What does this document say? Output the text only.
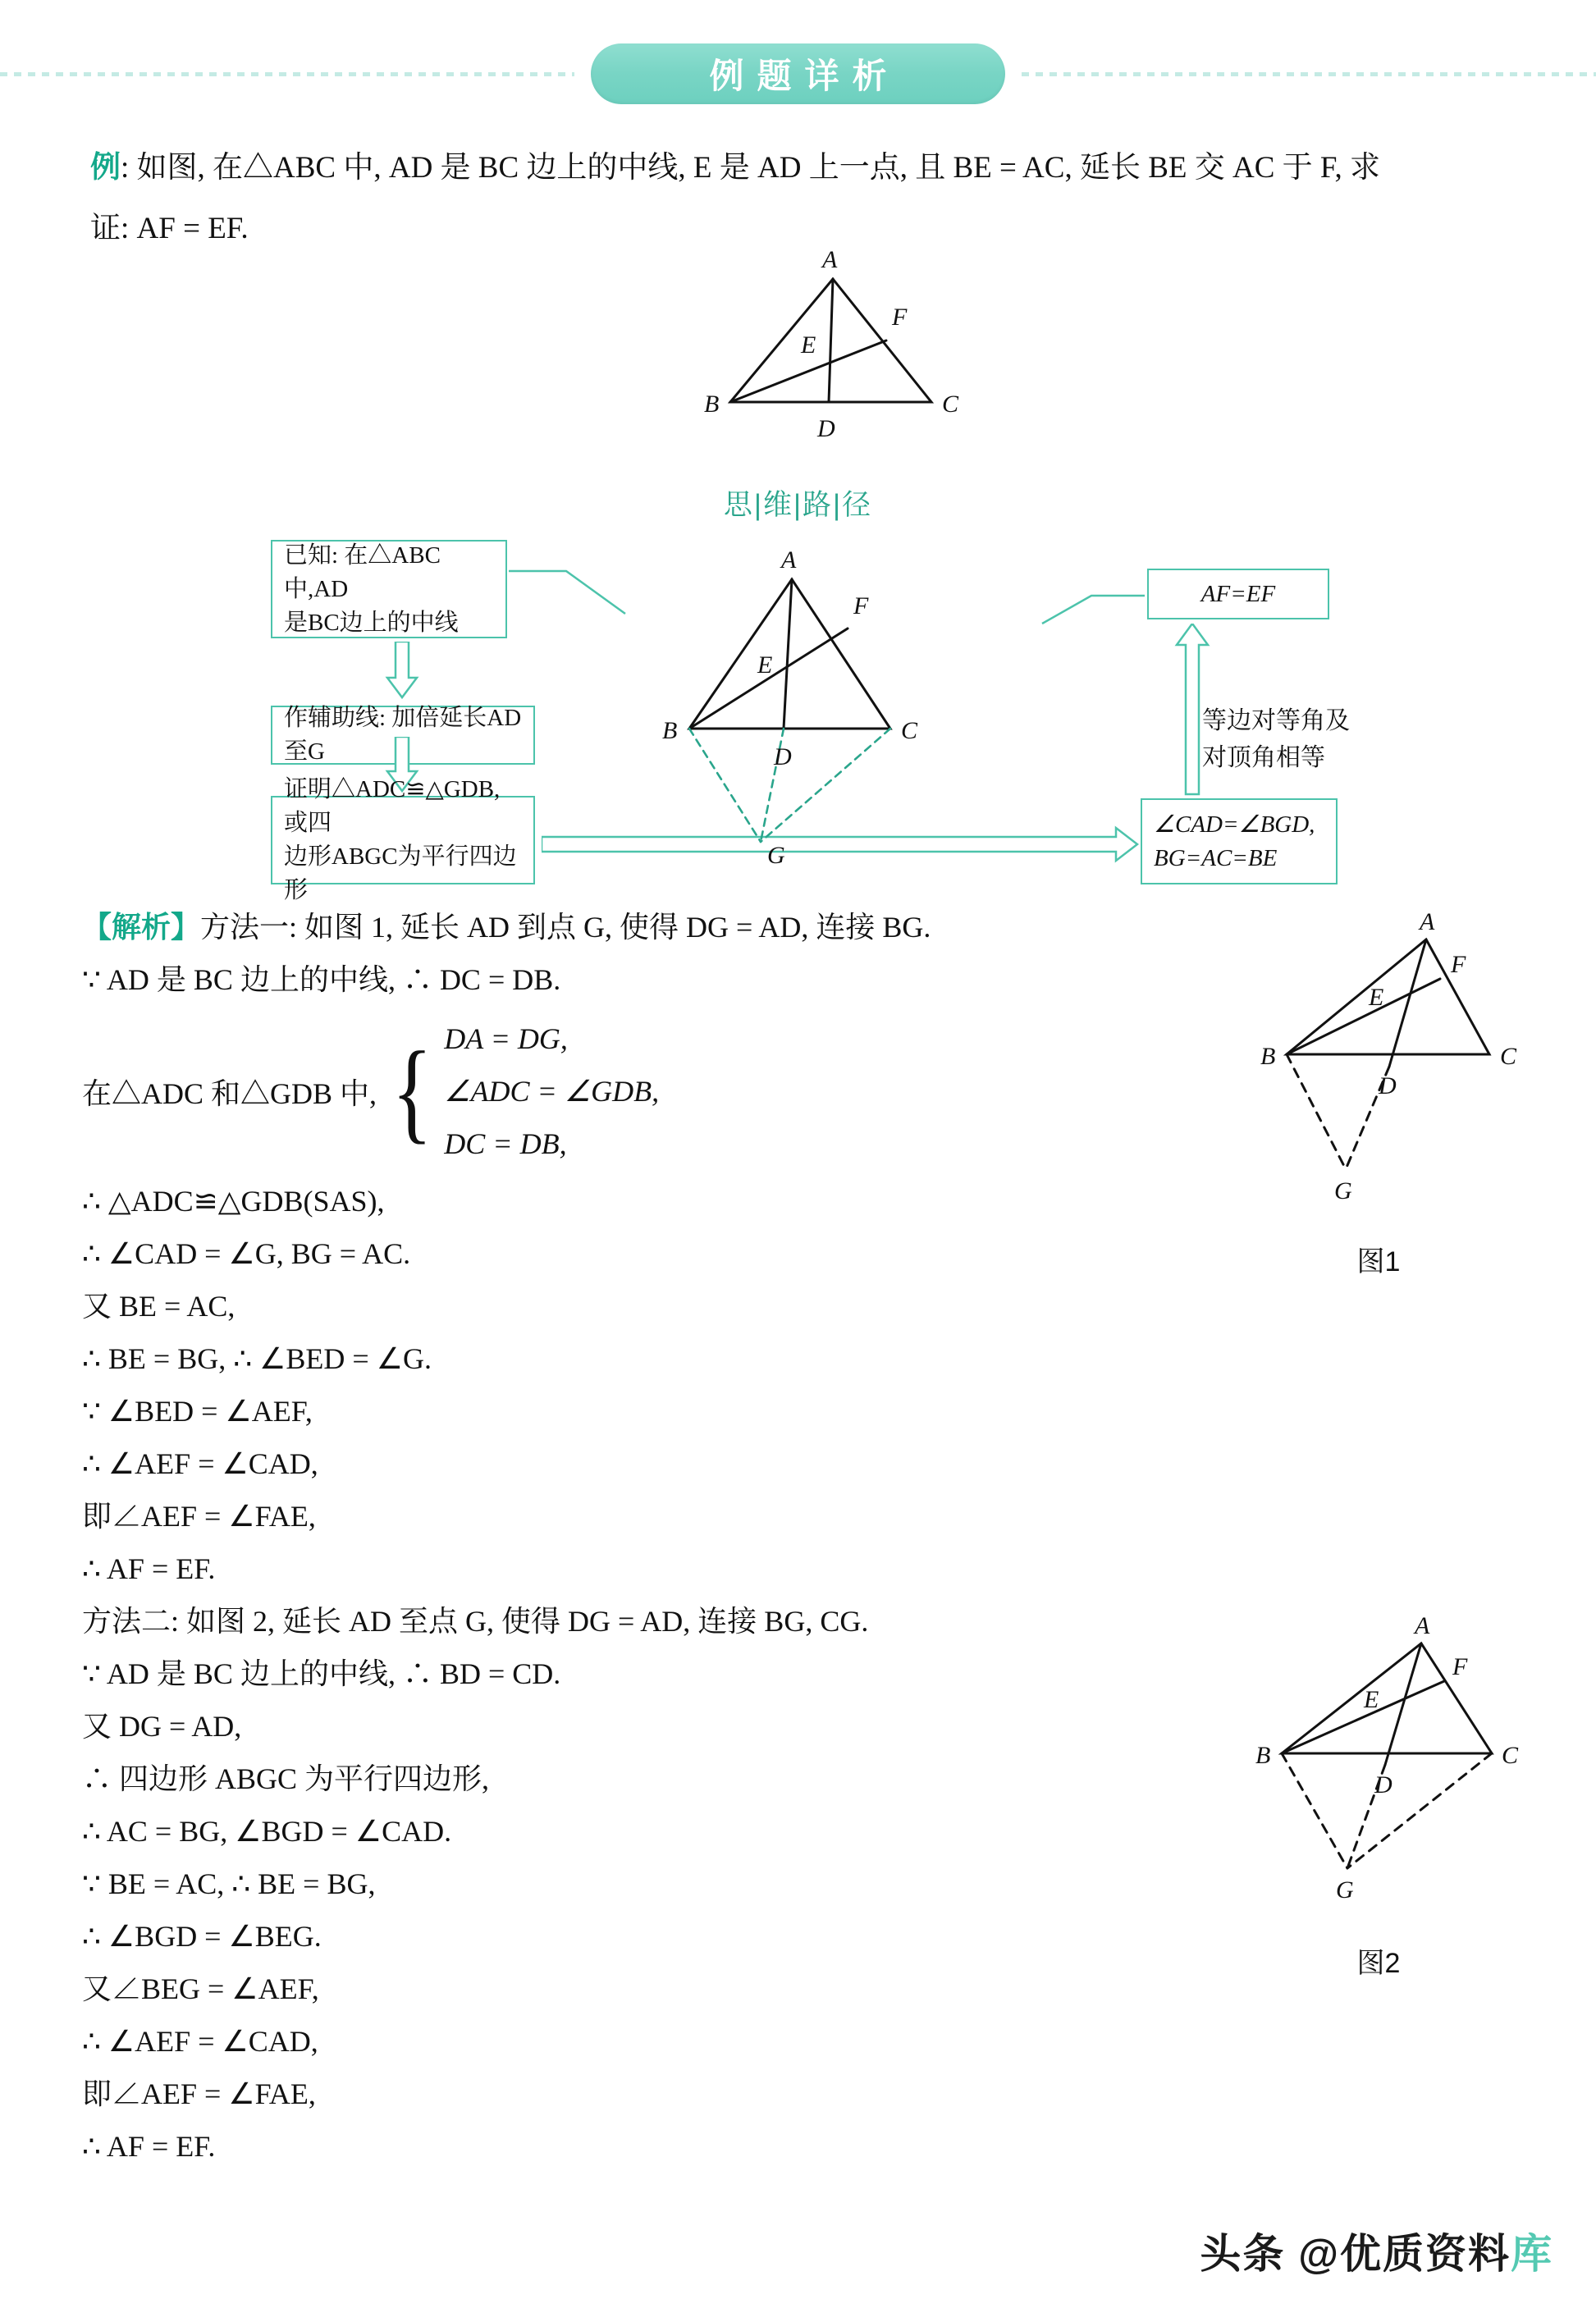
例题详析
例: 如图, 在△ABC 中, AD 是 BC 边上的中线, E 是 AD 上一点, 且 BE = AC, 延长 BE 交 AC 于 F, 求
证: AF = EF.
A
F
E
B
D
C
思|维|路|径
已知: 在△ABC中,AD
是BC边上的中线
作辅助线: 加倍延长AD至G
证明△ADC≌△GDB, 或四
边形ABGC为平行四边形
AF=EF
等边对等角及
对顶角相等
∠CAD=∠BGD,
BG=AC=BE
A
F
E
B
D
C
G
【解析】方法一: 如图 1, 延长 AD 到点 G, 使得 DG = AD, 连接 BG.
∵ AD 是 BC 边上的中线, ∴ DC = DB.
在△ADC 和△GDB 中, { DA = DG,
∠ADC = ∠GDB,
DC = DB,
∴ △ADC≌△GDB(SAS),
∴ ∠CAD = ∠G, BG = AC.
又 BE = AC,
∴ BE = BG, ∴ ∠BED = ∠G.
∵ ∠BED = ∠AEF,
∴ ∠AEF = ∠CAD,
即∠AEF = ∠FAE,
∴ AF = EF.
方法二: 如图 2, 延长 AD 至点 G, 使得 DG = AD, 连接 BG, CG.
∵ AD 是 BC 边上的中线, ∴ BD = CD.
又 DG = AD,
∴ 四边形 ABGC 为平行四边形,
∴ AC = BG, ∠BGD = ∠CAD.
∵ BE = AC, ∴ BE = BG,
∴ ∠BGD = ∠BEG.
又∠BEG = ∠AEF,
∴ ∠AEF = ∠CAD,
即∠AEF = ∠FAE,
∴ AF = EF.
A
F
E
B
D
C
G
图1
A
F
E
B
D
C
G
图2
头条 @优质资料库
